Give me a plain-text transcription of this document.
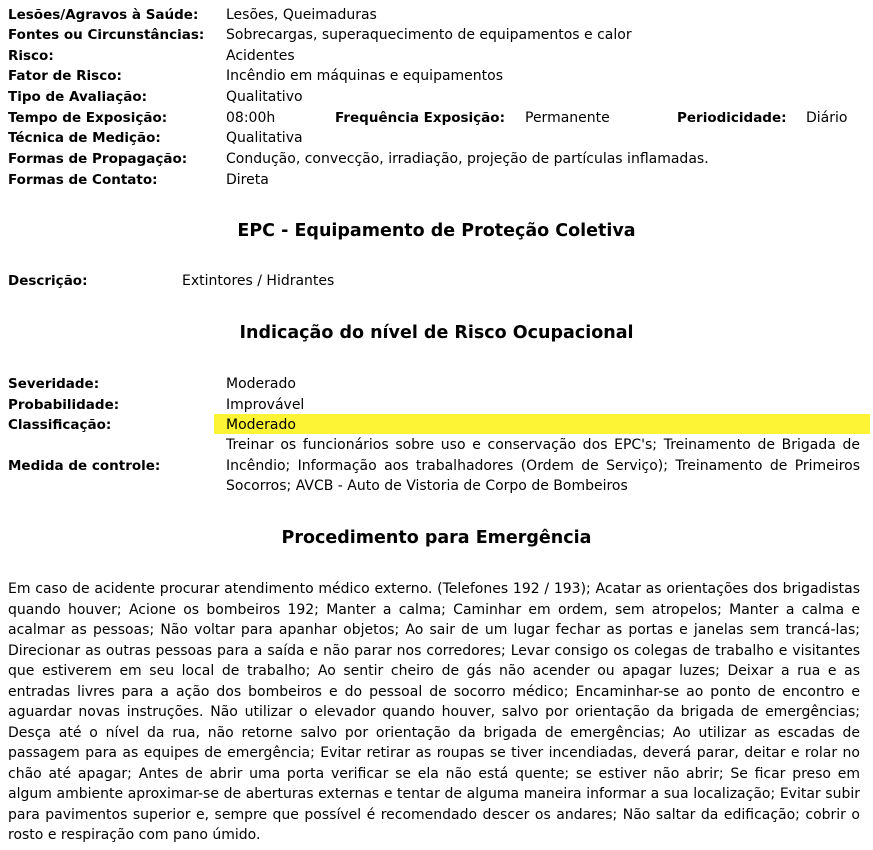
Lesões/Agravos à Saúde: Lesões, Queimaduras
Fontes ou Circunstâncias: Sobrecargas, superaquecimento de equipamentos e calor
Risco:	Acidentes
Fator de Risco:	Incêndio em máquinas e equipamentos
Tipo de Avaliação:	Qualitativo
Tempo de Exposição:	08:00h	Frequência Exposição: Permanente	Periodicidade: Diário
Técnica de Medição:	Qualitativa
Formas de Propagação:	Condução, convecção, irradiação, projeção de partículas inflamadas.
Formas de Contato:	Direta
EPC - Equipamento de Proteção Coletiva
Descrição:	Extintores / Hidrantes
Indicação do nível de Risco Ocupacional
Severidade:	Moderado
Probabilidade:	Improvável
Classificação:	Moderado
Medida de controle:
Treinar os funcionários sobre uso e conservação dos EPC's; Treinamento de Brigada de Incêndio; Informação aos trabalhadores (Ordem de Serviço); Treinamento de Primeiros Socorros; AVCB - Auto de Vistoria de Corpo de Bombeiros
Procedimento para Emergência
Em caso de acidente procurar atendimento médico externo. (Telefones 192 / 193); Acatar as orientações dos brigadistas quando houver; Acione os bombeiros 192; Manter a calma; Caminhar em ordem, sem atropelos; Manter a calma e acalmar as pessoas; Não voltar para apanhar objetos; Ao sair de um lugar fechar as portas e janelas sem trancá-las; Direcionar as outras pessoas para a saída e não parar nos corredores; Levar consigo os colegas de trabalho e visitantes que estiverem em seu local de trabalho; Ao sentir cheiro de gás não acender ou apagar luzes; Deixar a rua e as entradas livres para a ação dos bombeiros e do pessoal de socorro médico; Encaminhar-se ao ponto de encontro e aguardar novas instruções. Não utilizar o elevador quando houver, salvo por orientação da brigada de emergências; Desça até o nível da rua, não retorne salvo por orientação da brigada de emergências; Ao utilizar as escadas de passagem para as equipes de emergência; Evitar retirar as roupas se tiver incendiadas, deverá parar, deitar e rolar no chão até apagar; Antes de abrir uma porta verificar se ela não está quente; se estiver não abrir; Se ficar preso em algum ambiente aproximar-se de aberturas externas e tentar de alguma maneira informar a sua localização; Evitar subir para pavimentos superior e, sempre que possível é recomendado descer os andares; Não saltar da edificação; cobrir o rosto e respiração com pano úmido.
